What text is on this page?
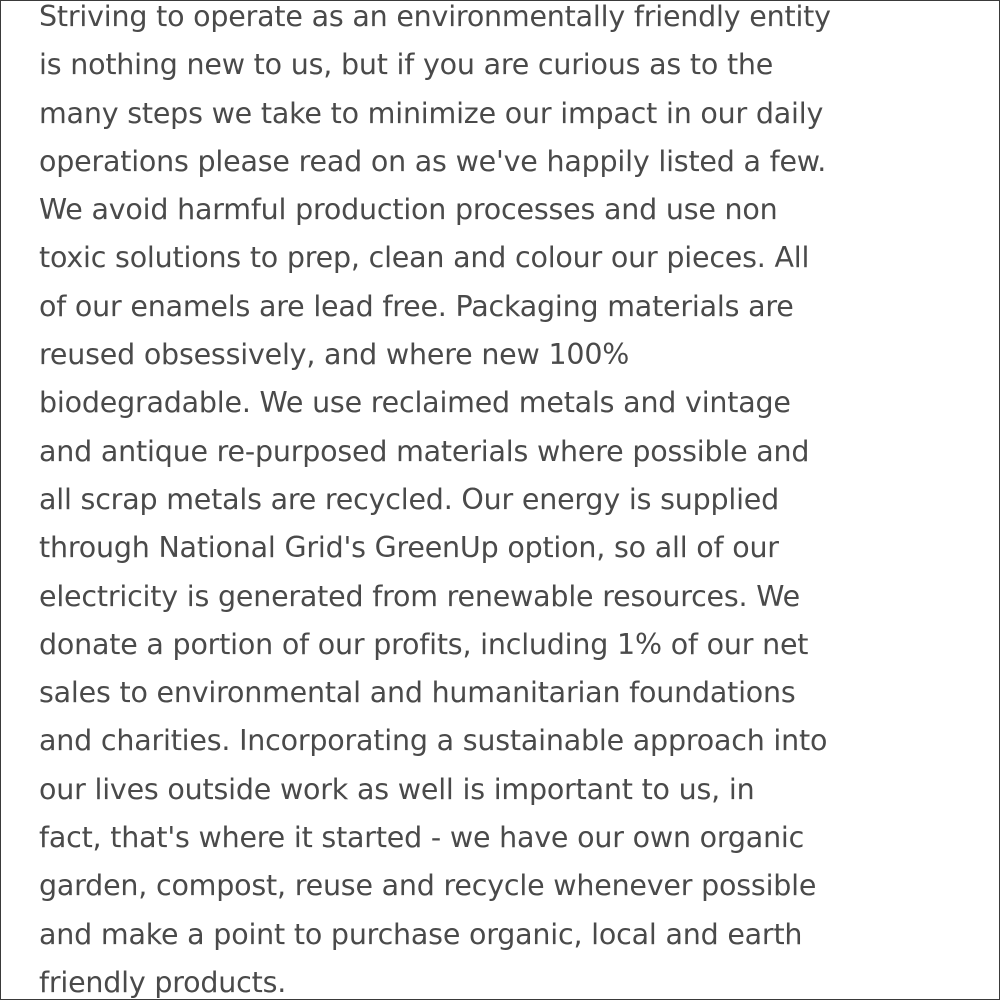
Striving to operate as an environmentally friendly entity
is nothing new to us, but if you are curious as to the
many steps we take to minimize our impact in our daily
operations please read on as we've happily listed a few.
We avoid harmful production processes and use non
toxic solutions to prep, clean and colour our pieces. All
of our enamels are lead free. Packaging materials are
reused obsessively, and where new 100%
biodegradable. We use reclaimed metals and vintage
and antique re-purposed materials where possible and
all scrap metals are recycled. Our energy is supplied
through National Grid's GreenUp option, so all of our
electricity is generated from renewable resources. We
donate a portion of our profits, including 1% of our net
sales to environmental and humanitarian foundations
and charities. Incorporating a sustainable approach into
our lives outside work as well is important to us, in
fact, that's where it started - we have our own organic
garden, compost, reuse and recycle whenever possible
and make a point to purchase organic, local and earth
friendly products.
